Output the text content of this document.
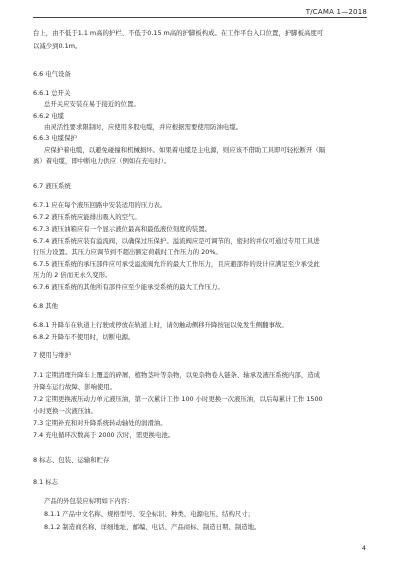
T/CAMA 1—2018
台上，由不低于1.1 m高的护栏、不低于0.15 m高的护脚板构成。在工作平台入口位置，护脚板高度可
以减少到0.1m。
6.6 电气设备
6.6.1 总开关
总开关应安装在易于接近的位置。
6.6.2 电缆
由灵活性要求限制时，应使用多股电缆，并应根据需要使用防油电缆。
6.6.3 电缆保护
应保护着电缆，以避免碰撞和机械损坏。如果着电缆是主电源，则应该不借助工具即可轻松断开（隔
离）着电缆，即中断电力供应（例如在充电时）。
6.7 液压系统
6.7.1 应在每个液压回路中安装适用的压力表。
6.7.2 液压系统应能排出吸入的空气。
6.7.3 液压油箱应有一个显示液位最高和最低液位刻度的装置。
6.7.4 液压系统应装有溢流阀，以确保过压保护。溢流阀应是可调节的，密封的并仅可通过专用工具进
行压力设置。其压力应调节到不超出额定荷载时工作压力的 20%。
6.7.5 液压系统的承压部件应可承受溢流阀允许的最大工作压力，且应避部件的设计应满足至少承受此
压力的 2 倍而无永久变形。
6.7.6 液压系统的其他所有部件应至少能承受系统的最大工作压力。
6.8 其他
6.8.1 升降车在轨道上行驶或停放在轨道上时，请勿触动侧移升降按钮以免发生侧翻事故。
6.8.2 升降车不使用时，切断电源。
7 使用与维护
7.1 定期清理升降车上覆盖的碎屑、植物茎叶等杂物，以免杂物卷入链条、轴承及液压系统内部，造成
升降车运行故障、影响使用。
7.2 定期更换液压动力单元液压油，第一次累计工作 100 小时更换一次液压油，以后每累计工作 1500
小时更换一次液压油。
7.3 定期补充和对升降系统转动轴处的润滑油。
7.4 充电循环次数高于 2000 次时，需更换电池。
8 标志、包装、运输和贮存
8.1 标志
产品的外包装应标明如下内容：
8.1.1 产品中文名称、规格型号、安全标识、种类、电源电压、结构尺寸；
8.1.2 制造商名称、详细地址、邮编、电话、产品商标、制造日期、制造地。
4
